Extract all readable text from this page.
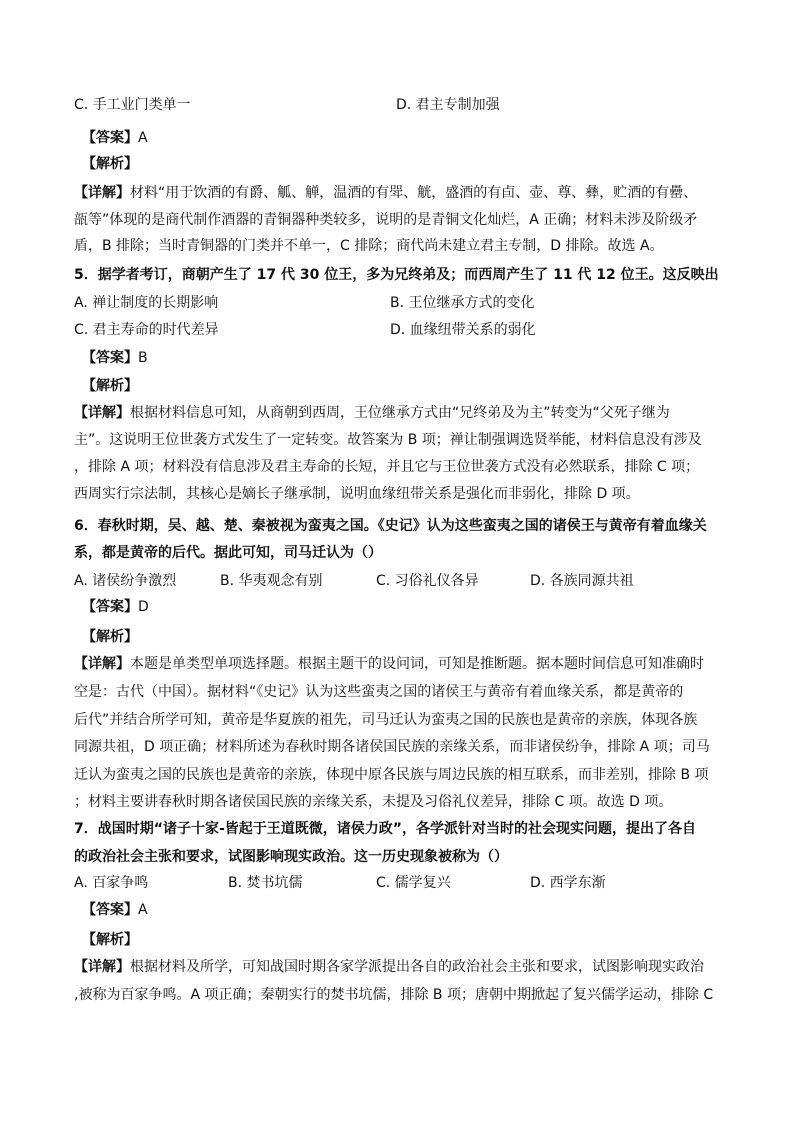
C. 手工业门类单一	D. 君主专制加强
【答案】A
【解析】
【详解】材料“用于饮酒的有爵、觚、觯，温酒的有斝、觥，盛酒的有卣、壶、尊、彝，贮酒的有罍、
瓿等”体现的是商代制作酒器的青铜器种类较多，说明的是青铜文化灿烂，A 正确；材料未涉及阶级矛
盾，B 排除；当时青铜器的门类并不单一，C 排除；商代尚未建立君主专制，D 排除。故选 A。
5．据学者考订，商朝产生了 17 代 30 位王，多为兄终弟及；而西周产生了 11 代 12 位王。这反映出
A. 禅让制度的长期影响	B. 王位继承方式的变化
C. 君主寿命的时代差异	D. 血缘纽带关系的弱化
【答案】B
【解析】
【详解】根据材料信息可知，从商朝到西周，王位继承方式由“兄终弟及为主”转变为“父死子继为
主”。这说明王位世袭方式发生了一定转变。故答案为 B 项；禅让制强调选贤举能，材料信息没有涉及
，排除 A 项；材料没有信息涉及君主寿命的长短，并且它与王位世袭方式没有必然联系，排除 C 项；
西周实行宗法制，其核心是嫡长子继承制，说明血缘纽带关系是强化而非弱化，排除 D 项。
6．春秋时期，吴、越、楚、秦被视为蛮夷之国。《史记》认为这些蛮夷之国的诸侯王与黄帝有着血缘关
系，都是黄帝的后代。据此可知，司马迁认为（）
A. 诸侯纷争激烈	B. 华夷观念有别	C. 习俗礼仪各异	D. 各族同源共祖
【答案】D
【解析】
【详解】本题是单类型单项选择题。根据主题干的设问词，可知是推断题。据本题时间信息可知准确时
空是：古代（中国）。据材料“《史记》认为这些蛮夷之国的诸侯王与黄帝有着血缘关系，都是黄帝的
后代”并结合所学可知，黄帝是华夏族的祖先，司马迁认为蛮夷之国的民族也是黄帝的亲族，体现各族
同源共祖，D 项正确；材料所述为春秋时期各诸侯国民族的亲缘关系，而非诸侯纷争，排除 A 项；司马
迁认为蛮夷之国的民族也是黄帝的亲族，体现中原各民族与周边民族的相互联系，而非差别，排除 B 项
；材料主要讲春秋时期各诸侯国民族的亲缘关系，未提及习俗礼仪差异，排除 C 项。故选 D 项。
7．战国时期“诸子十家-皆起于王道既微，诸侯力政”，各学派针对当时的社会现实问题，提出了各自
的政治社会主张和要求，试图影响现实政治。这一历史现象被称为（）
A. 百家争鸣	B. 焚书坑儒	C. 儒学复兴	D. 西学东渐
【答案】A
【解析】
【详解】根据材料及所学，可知战国时期各家学派提出各自的政治社会主张和要求，试图影响现实政治
,被称为百家争鸣。A 项正确；秦朝实行的焚书坑儒，排除 B 项；唐朝中期掀起了复兴儒学运动，排除 C
